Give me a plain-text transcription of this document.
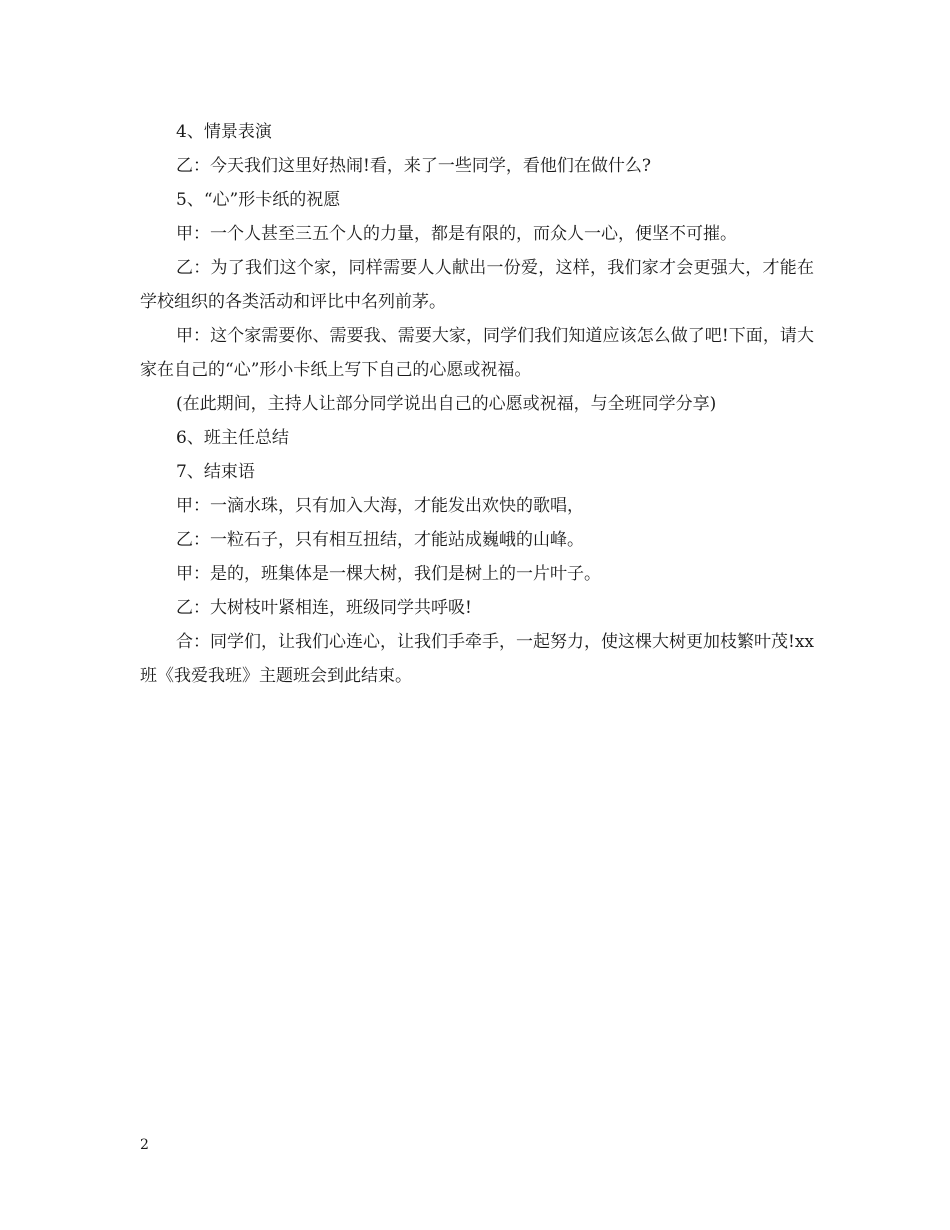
4、情景表演

乙：今天我们这里好热闹!看，来了一些同学，看他们在做什么?

5、“心”形卡纸的祝愿

甲：一个人甚至三五个人的力量，都是有限的，而众人一心，便坚不可摧。

乙：为了我们这个家，同样需要人人献出一份爱，这样，我们家才会更强大，才能在学校组织的各类活动和评比中名列前茅。

甲：这个家需要你、需要我、需要大家，同学们我们知道应该怎么做了吧!下面，请大家在自己的“心”形小卡纸上写下自己的心愿或祝福。

(在此期间，主持人让部分同学说出自己的心愿或祝福，与全班同学分享)

6、班主任总结

7、结束语

甲：一滴水珠，只有加入大海，才能发出欢快的歌唱，

乙：一粒石子，只有相互扭结，才能站成巍峨的山峰。

甲：是的，班集体是一棵大树，我们是树上的一片叶子。

乙：大树枝叶紧相连，班级同学共呼吸!

合：同学们，让我们心连心，让我们手牵手，一起努力，使这棵大树更加枝繁叶茂!xx班《我爱我班》主题班会到此结束。

2
